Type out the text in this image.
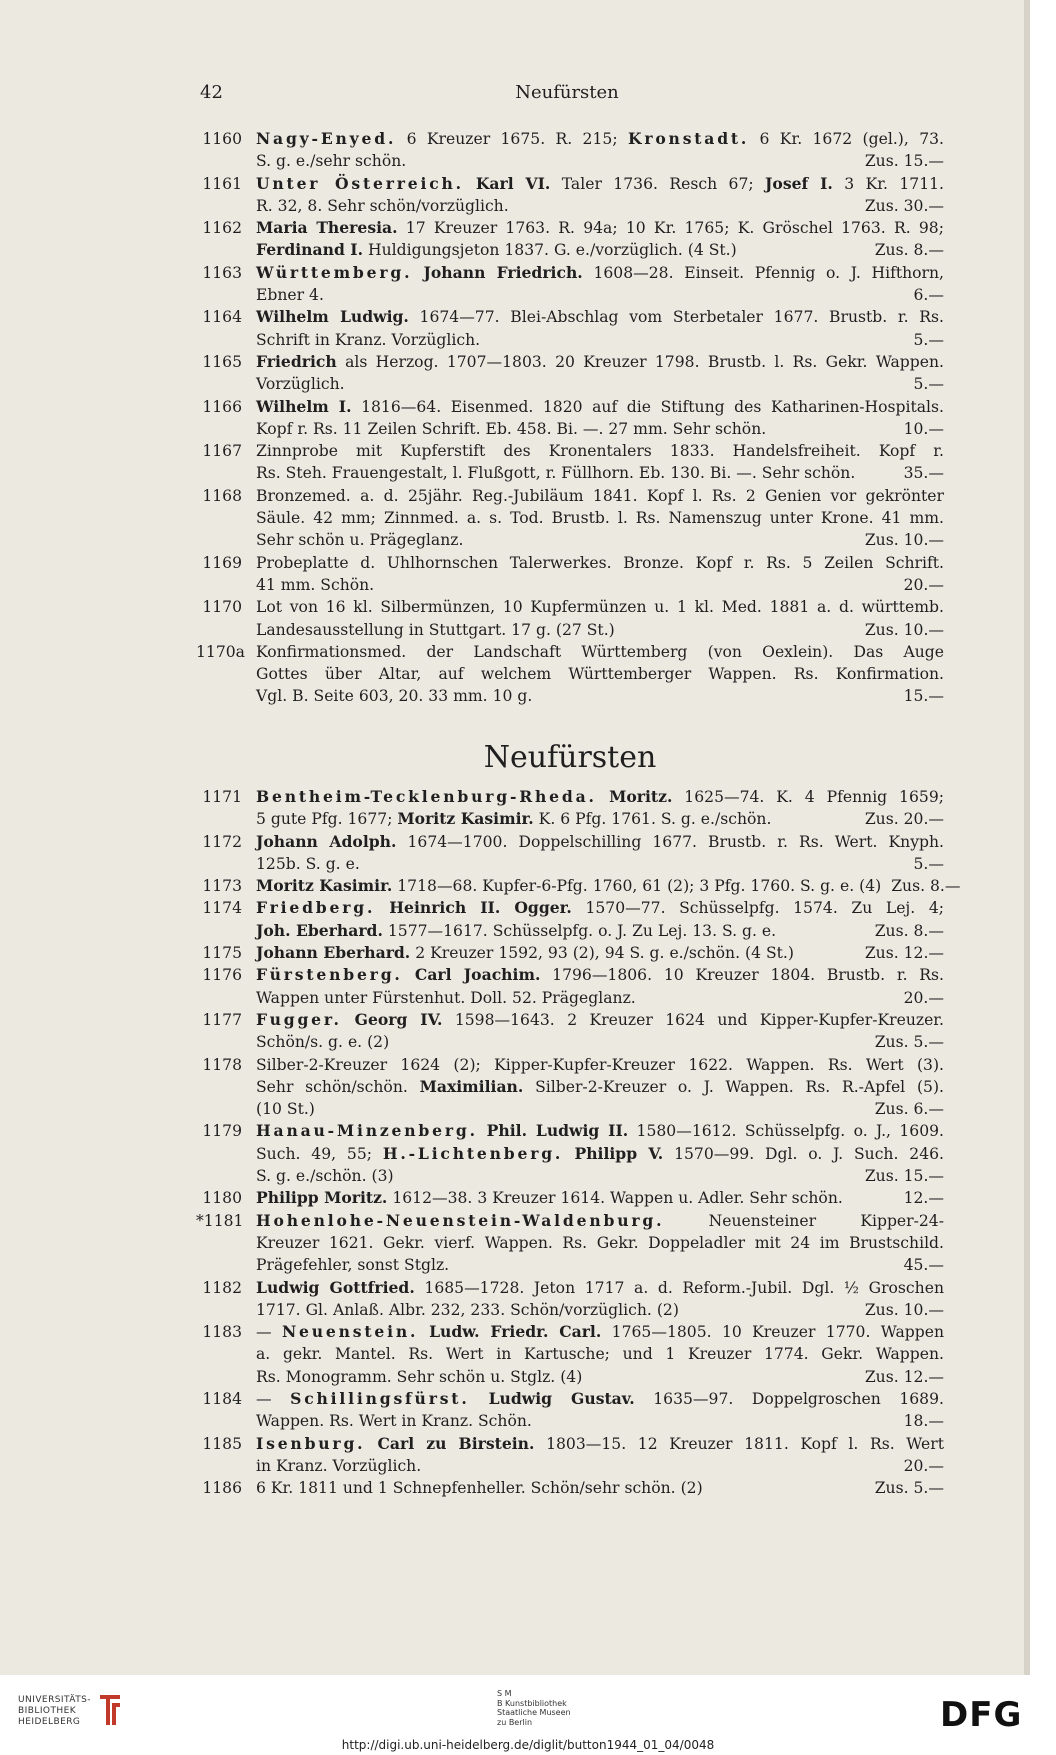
42	Neufürsten
1160 Nagy-Enyed. 6 Kreuzer 1675. R. 215; Kronstadt. 6 Kr. 1672 (gel.), 73.
S. g. e./sehr schön.	Zus. 15.—
1161 Unter Österreich. Karl VI. Taler 1736. Resch 67; Josef I. 3 Kr. 1711.
R. 32, 8. Sehr schön/vorzüglich.	Zus. 30.—
1162 Maria Theresia. 17 Kreuzer 1763. R. 94a; 10 Kr. 1765; K. Gröschel 1763. R. 98;
Ferdinand I. Huldigungsjeton 1837. G. e./vorzüglich. (4 St.)	Zus. 8.—
1163 Württemberg. Johann Friedrich. 1608—28. Einseit. Pfennig o. J. Hifthorn,
Ebner 4.	6.—
1164 Wilhelm Ludwig. 1674—77. Blei-Abschlag vom Sterbetaler 1677. Brustb. r. Rs.
Schrift in Kranz. Vorzüglich.	5.—
1165 Friedrich als Herzog. 1707—1803. 20 Kreuzer 1798. Brustb. l. Rs. Gekr. Wappen.
Vorzüglich.	5.—
1166 Wilhelm I. 1816—64. Eisenmed. 1820 auf die Stiftung des Katharinen-Hospitals.
Kopf r. Rs. 11 Zeilen Schrift. Eb. 458. Bi. —. 27 mm. Sehr schön.	10.—
1167 Zinnprobe mit Kupferstift des Kronentalers 1833. Handelsfreiheit. Kopf r.
Rs. Steh. Frauengestalt, l. Flußgott, r. Füllhorn. Eb. 130. Bi. —. Sehr schön.	35.—
1168 Bronzemed. a. d. 25jähr. Reg.-Jubiläum 1841. Kopf l. Rs. 2 Genien vor gekrönter
Säule. 42 mm; Zinnmed. a. s. Tod. Brustb. l. Rs. Namenszug unter Krone. 41 mm.
Sehr schön u. Prägeglanz.	Zus. 10.—
1169 Probeplatte d. Uhlhornschen Talerwerkes. Bronze. Kopf r. Rs. 5 Zeilen Schrift.
41 mm. Schön.	20.—
1170 Lot von 16 kl. Silbermünzen, 10 Kupfermünzen u. 1 kl. Med. 1881 a. d. württemb.
Landesausstellung in Stuttgart. 17 g. (27 St.)	Zus. 10.—
1170a Konfirmationsmed. der Landschaft Württemberg (von Oexlein). Das Auge
Gottes über Altar, auf welchem Württemberger Wappen. Rs. Konfirmation.
Vgl. B. Seite 603, 20. 33 mm. 10 g.	15.—
Neufürsten
1171 Bentheim-Tecklenburg-Rheda. Moritz. 1625—74. K. 4 Pfennig 1659;
5 gute Pfg. 1677; Moritz Kasimir. K. 6 Pfg. 1761. S. g. e./schön.	Zus. 20.—
1172 Johann Adolph. 1674—1700. Doppelschilling 1677. Brustb. r. Rs. Wert. Knyph.
125b. S. g. e.	5.—
1173 Moritz Kasimir. 1718—68. Kupfer-6-Pfg. 1760, 61 (2); 3 Pfg. 1760. S. g. e. (4) Zus. 8.—
1174 Friedberg. Heinrich II. Ogger. 1570—77. Schüsselpfg. 1574. Zu Lej. 4;
Joh. Eberhard. 1577—1617. Schüsselpfg. o. J. Zu Lej. 13. S. g. e.	Zus. 8.—
1175 Johann Eberhard. 2 Kreuzer 1592, 93 (2), 94 S. g. e./schön. (4 St.)	Zus. 12.—
1176 Fürstenberg. Carl Joachim. 1796—1806. 10 Kreuzer 1804. Brustb. r. Rs.
Wappen unter Fürstenhut. Doll. 52. Prägeglanz.	20.—
1177 Fugger. Georg IV. 1598—1643. 2 Kreuzer 1624 und Kipper-Kupfer-Kreuzer.
Schön/s. g. e. (2)	Zus. 5.—
1178 Silber-2-Kreuzer 1624 (2); Kipper-Kupfer-Kreuzer 1622. Wappen. Rs. Wert (3).
Sehr schön/schön. Maximilian. Silber-2-Kreuzer o. J. Wappen. Rs. R.-Apfel (5).
(10 St.)	Zus. 6.—
1179 Hanau-Minzenberg. Phil. Ludwig II. 1580—1612. Schüsselpfg. o. J., 1609.
Such. 49, 55; H.-Lichtenberg. Philipp V. 1570—99. Dgl. o. J. Such. 246.
S. g. e./schön. (3)	Zus. 15.—
1180 Philipp Moritz. 1612—38. 3 Kreuzer 1614. Wappen u. Adler. Sehr schön.	12.—
*1181 Hohenlohe-Neuenstein-Waldenburg. Neuensteiner Kipper-24-
Kreuzer 1621. Gekr. vierf. Wappen. Rs. Gekr. Doppeladler mit 24 im Brustschild.
Prägefehler, sonst Stglz.	45.—
1182 Ludwig Gottfried. 1685—1728. Jeton 1717 a. d. Reform.-Jubil. Dgl. ½ Groschen
1717. Gl. Anlaß. Albr. 232, 233. Schön/vorzüglich. (2)	Zus. 10.—
1183 — Neuenstein. Ludw. Friedr. Carl. 1765—1805. 10 Kreuzer 1770. Wappen
a. gekr. Mantel. Rs. Wert in Kartusche; und 1 Kreuzer 1774. Gekr. Wappen.
Rs. Monogramm. Sehr schön u. Stglz. (4)	Zus. 12.—
1184 — Schillingsfürst. Ludwig Gustav. 1635—97. Doppelgroschen 1689.
Wappen. Rs. Wert in Kranz. Schön.	18.—
1185 Isenburg. Carl zu Birstein. 1803—15. 12 Kreuzer 1811. Kopf l. Rs. Wert
in Kranz. Vorzüglich.	20.—
1186 6 Kr. 1811 und 1 Schnepfenheller. Schön/sehr schön. (2)	Zus. 5.—
UNIVERSITÄTS-
BIBLIOTHEK
HEIDELBERG
S M
B Kunstbibliothek
Staatliche Museen
zu Berlin	DFG
http://digi.ub.uni-heidelberg.de/diglit/button1944_01_04/0048
